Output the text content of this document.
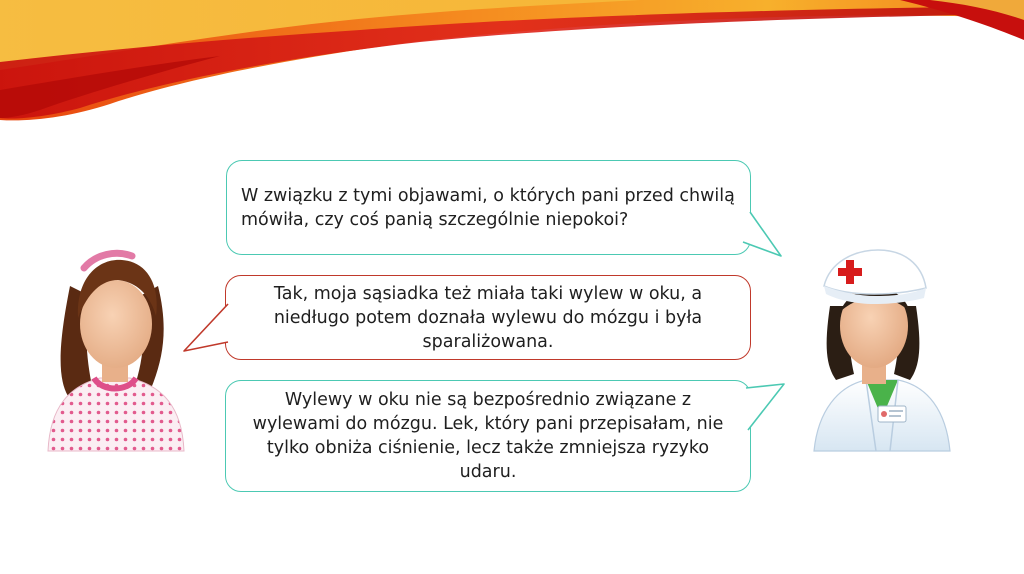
W związku z tymi objawami, o których pani przed chwilą mówiła, czy coś panią szczególnie niepokoi?

Tak, moja sąsiadka też miała taki wylew w oku, a niedługo potem doznała wylewu do mózgu i była sparaliżowana.

Wylewy w oku nie są bezpośrednio związane z wylewami do mózgu. Lek, który pani przepisałam, nie tylko obniża ciśnienie, lecz także zmniejsza ryzyko udaru.
